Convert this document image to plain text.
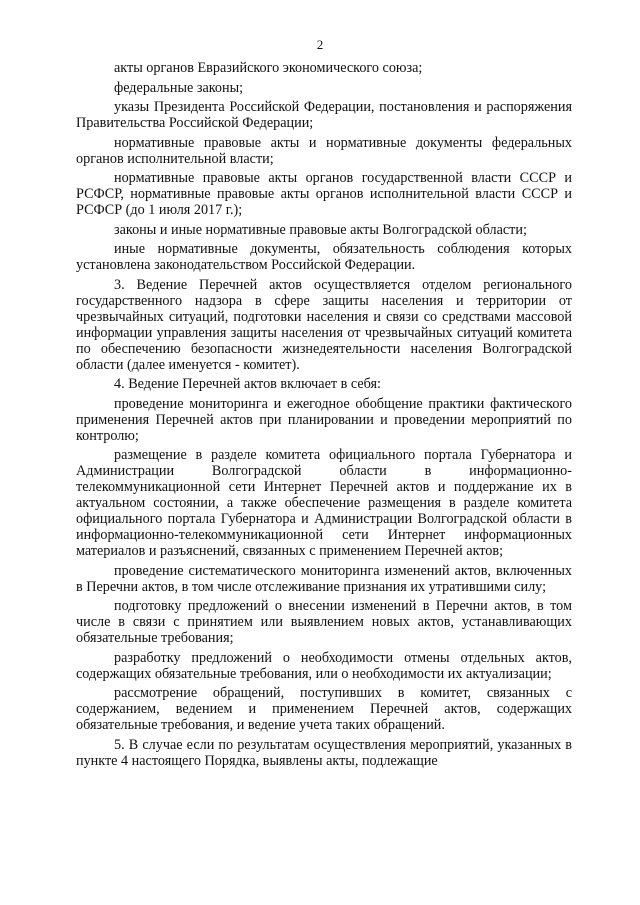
2

акты органов Евразийского экономического союза;

федеральные законы;

указы Президента Российской Федерации, постановления и распоряжения Правительства Российской Федерации;

нормативные правовые акты и нормативные документы федеральных органов исполнительной власти;

нормативные правовые акты органов государственной власти СССР и РСФСР, нормативные правовые акты органов исполнительной власти СССР и РСФСР (до 1 июля 2017 г.);

законы и иные нормативные правовые акты Волгоградской области;

иные нормативные документы, обязательность соблюдения которых установлена законодательством Российской Федерации.

3. Ведение Перечней актов осуществляется отделом регионального государственного надзора в сфере защиты населения и территории от чрезвычайных ситуаций, подготовки населения и связи со средствами массовой информации управления защиты населения от чрезвычайных ситуаций комитета по обеспечению безопасности жизнедеятельности населения Волгоградской области (далее именуется - комитет).

4. Ведение Перечней актов включает в себя:

проведение мониторинга и ежегодное обобщение практики фактического применения Перечней актов при планировании и проведении мероприятий по контролю;

размещение в разделе комитета официального портала Губернатора и Администрации Волгоградской области в информационно-телекоммуникационной сети Интернет Перечней актов и поддержание их в актуальном состоянии, а также обеспечение размещения в разделе комитета официального портала Губернатора и Администрации Волгоградской области в информационно-телекоммуникационной сети Интернет информационных материалов и разъяснений, связанных с применением Перечней актов;

проведение систематического мониторинга изменений актов, включенных в Перечни актов, в том числе отслеживание признания их утратившими силу;

подготовку предложений о внесении изменений в Перечни актов, в том числе в связи с принятием или выявлением новых актов, устанавливающих обязательные требования;

разработку предложений о необходимости отмены отдельных актов, содержащих обязательные требования, или о необходимости их актуализации;

рассмотрение обращений, поступивших в комитет, связанных с содержанием, ведением и применением Перечней актов, содержащих обязательные требования, и ведение учета таких обращений.

5. В случае если по результатам осуществления мероприятий, указанных в пункте 4 настоящего Порядка, выявлены акты, подлежащие
